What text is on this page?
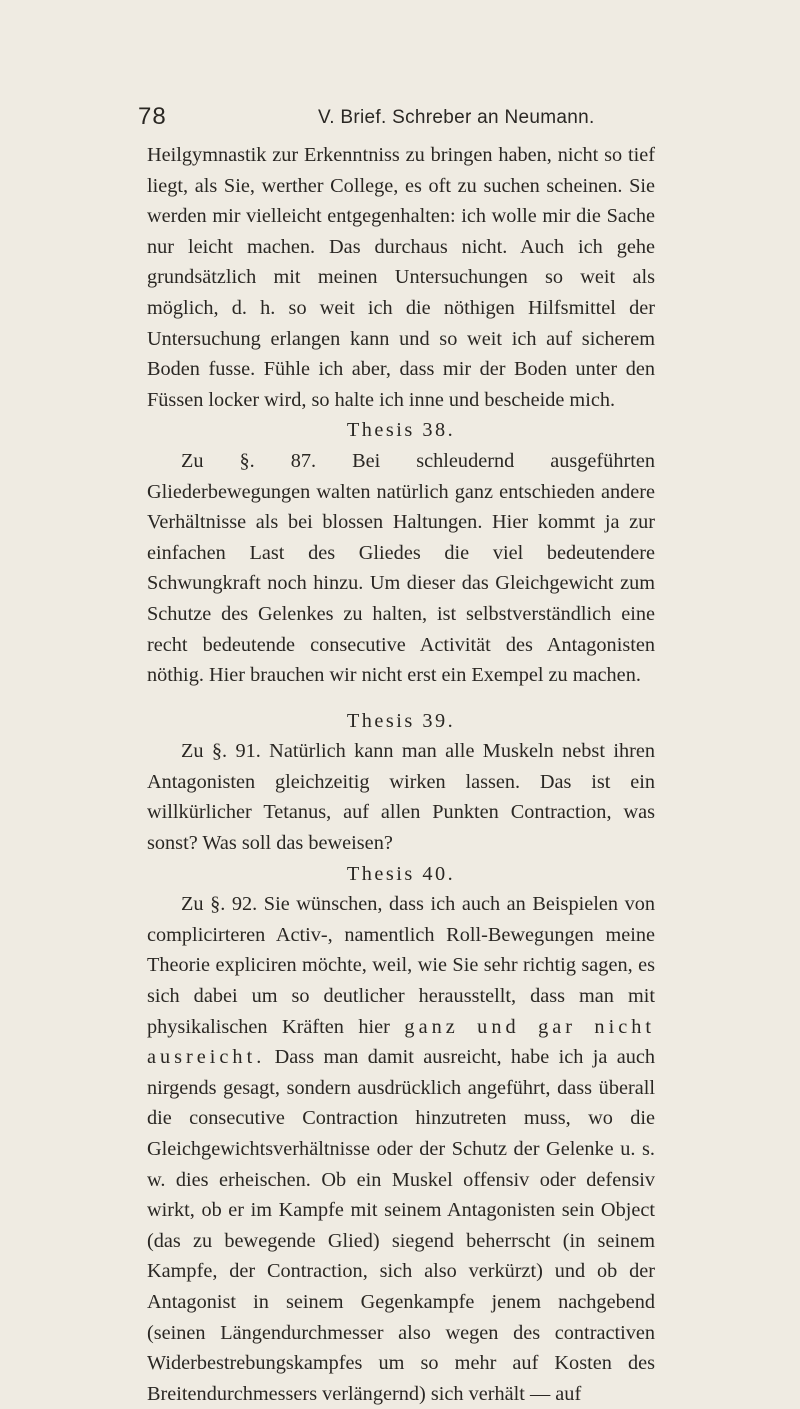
78	V. Brief. Schreber an Neumann.

Heilgymnastik zur Erkenntniss zu bringen haben, nicht so tief liegt, als Sie, werther College, es oft zu suchen scheinen. Sie werden mir vielleicht entgegenhalten: ich wolle mir die Sache nur leicht machen. Das durchaus nicht. Auch ich gehe grundsätzlich mit meinen Untersuchungen so weit als möglich, d. h. so weit ich die nöthigen Hilfsmittel der Untersuchung erlangen kann und so weit ich auf sicherem Boden fusse. Fühle ich aber, dass mir der Boden unter den Füssen locker wird, so halte ich inne und bescheide mich.

Thesis 38.

Zu §. 87. Bei schleudernd ausgeführten Gliederbewegungen walten natürlich ganz entschieden andere Verhältnisse als bei blossen Haltungen. Hier kommt ja zur einfachen Last des Gliedes die viel bedeutendere Schwungkraft noch hinzu. Um dieser das Gleichgewicht zum Schutze des Gelenkes zu halten, ist selbstverständlich eine recht bedeutende consecutive Activität des Antagonisten nöthig. Hier brauchen wir nicht erst ein Exempel zu machen.

Thesis 39.

Zu §. 91. Natürlich kann man alle Muskeln nebst ihren Antagonisten gleichzeitig wirken lassen. Das ist ein willkürlicher Tetanus, auf allen Punkten Contraction, was sonst? Was soll das beweisen?

Thesis 40.

Zu §. 92. Sie wünschen, dass ich auch an Beispielen von complicirteren Activ-, namentlich Roll-Bewegungen meine Theorie expliciren möchte, weil, wie Sie sehr richtig sagen, es sich dabei um so deutlicher herausstellt, dass man mit physikalischen Kräften hier ganz und gar nicht ausreicht. Dass man damit ausreicht, habe ich ja auch nirgends gesagt, sondern ausdrücklich angeführt, dass überall die consecutive Contraction hinzutreten muss, wo die Gleichgewichtsverhältnisse oder der Schutz der Gelenke u. s. w. dies erheischen. Ob ein Muskel offensiv oder defensiv wirkt, ob er im Kampfe mit seinem Antagonisten sein Object (das zu bewegende Glied) siegend beherrscht (in seinem Kampfe, der Contraction, sich also verkürzt) und ob der Antagonist in seinem Gegenkampfe jenem nachgebend (seinen Längendurchmesser also wegen des contractiven Widerbestrebungskampfes um so mehr auf Kosten des Breitendurchmessers verlängernd) sich verhält — auf
